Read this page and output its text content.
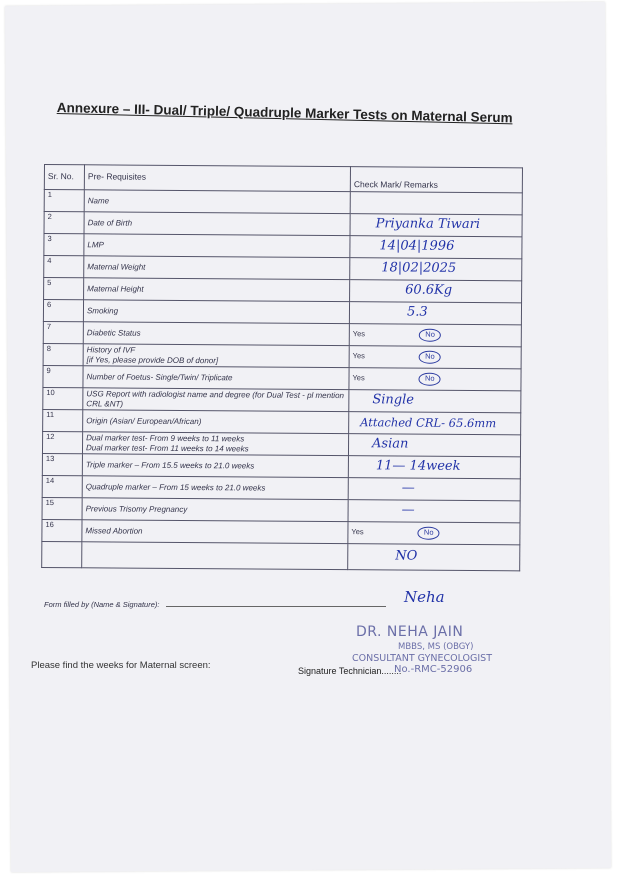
Annexure – III- Dual/ Triple/ Quadruple Marker Tests on Maternal Serum
Sr. No.	Pre- Requisites	Check Mark/ Remarks
1	Name	
2	Date of Birth	Priyanka Tiwari
3	LMP	14|04|1996
4	Maternal Weight	18|02|2025
5	Maternal Height	60.6Kg
6	Smoking	5.3
7	Diabetic Status	Yes No
8	History of IVF
[if Yes, please provide DOB of donor]	Yes No
9	Number of Foetus- Single/Twin/ Triplicate	Yes No
10	USG Report with radiologist name and degree (for Dual Test - pl mention CRL &NT)	Single
11	Origin (Asian/ European/African)	Attached CRL- 65.6mm
12	Dual marker test- From 9 weeks to 11 weeks
Dual marker test- From 11 weeks to 14 weeks	Asian
13	Triple marker – From 15.5 weeks to 21.0 weeks	11— 14week
14	Quadruple marker – From 15 weeks to 21.0 weeks	—
15	Previous Trisomy Pregnancy	—
16	Missed Abortion	Yes No
		NO
Form filled by (Name & Signature):	Neha
DR. NEHA JAIN
MBBS, MS (OBGY)
CONSULTANT GYNECOLOGIST
No.-RMC-52906
Please find the weeks for Maternal screen:	Signature Technician........
